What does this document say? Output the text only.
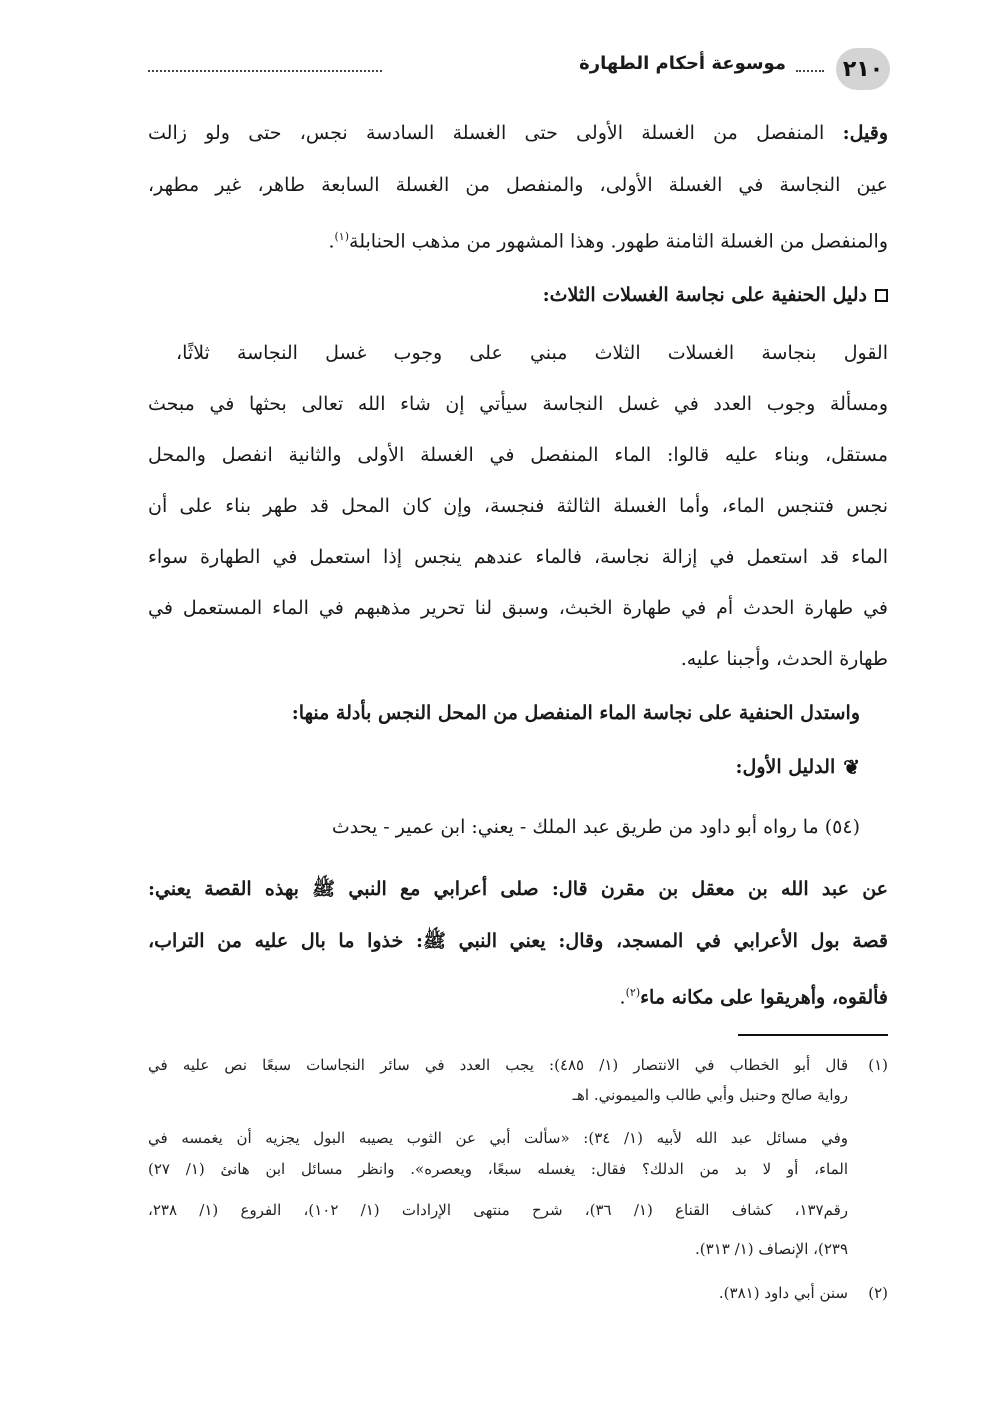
٢١٠
موسوعة أحكام الطهارة
وقيل: المنفصل من الغسلة الأولى حتى الغسلة السادسة نجس، حتى ولو زالت
عين النجاسة في الغسلة الأولى، والمنفصل من الغسلة السابعة طاهر، غير مطهر،
والمنفصل من الغسلة الثامنة طهور. وهذا المشهور من مذهب الحنابلة$^{(١)}$.
دليل الحنفية على نجاسة الغسلات الثلاث:
القول بنجاسة الغسلات الثلاث مبني على وجوب غسل النجاسة ثلاثًا،
ومسألة وجوب العدد في غسل النجاسة سيأتي إن شاء الله تعالى بحثها في مبحث
مستقل، وبناء عليه قالوا: الماء المنفصل في الغسلة الأولى والثانية انفصل والمحل
نجس فتنجس الماء، وأما الغسلة الثالثة فنجسة، وإن كان المحل قد طهر بناء على أن
الماء قد استعمل في إزالة نجاسة، فالماء عندهم ينجس إذا استعمل في الطهارة سواء
في طهارة الحدث أم في طهارة الخبث، وسبق لنا تحرير مذهبهم في الماء المستعمل في
طهارة الحدث، وأجبنا عليه.
واستدل الحنفية على نجاسة الماء المنفصل من المحل النجس بأدلة منها:
❦
الدليل الأول:
(٥٤) ما رواه أبو داود من طريق عبد الملك - يعني: ابن عمير - يحدث
عن عبد الله بن معقل بن مقرن قال: صلى أعرابي مع النبي ﷺ بهذه القصة يعني:
قصة بول الأعرابي في المسجد، وقال: يعني النبي ﷺ: خذوا ما بال عليه من التراب،
فألقوه، وأهريقوا على مكانه ماء$^{(٢)}$.
(١)قال أبو الخطاب في الانتصار (١/ ٤٨٥): يجب العدد في سائر النجاسات سبعًا نص عليه في
رواية صالح وحنبل وأبي طالب والميموني. اهـ
وفي مسائل عبد الله لأبيه (١/ ٣٤): «سألت أبي عن الثوب يصيبه البول يجزيه أن يغمسه في
الماء، أو لا بد من الدلك؟ فقال: يغسله سبعًا، ويعصره». وانظر مسائل ابن هانئ (١/ ٢٧)
رقم١٣٧، كشاف القناع (١/ ٣٦)، شرح منتهى الإرادات (١/ ١٠٢)، الفروع (١/ ٢٣٨،
٢٣٩)، الإنصاف (١/ ٣١٣).
(٢)سنن أبي داود (٣٨١).
